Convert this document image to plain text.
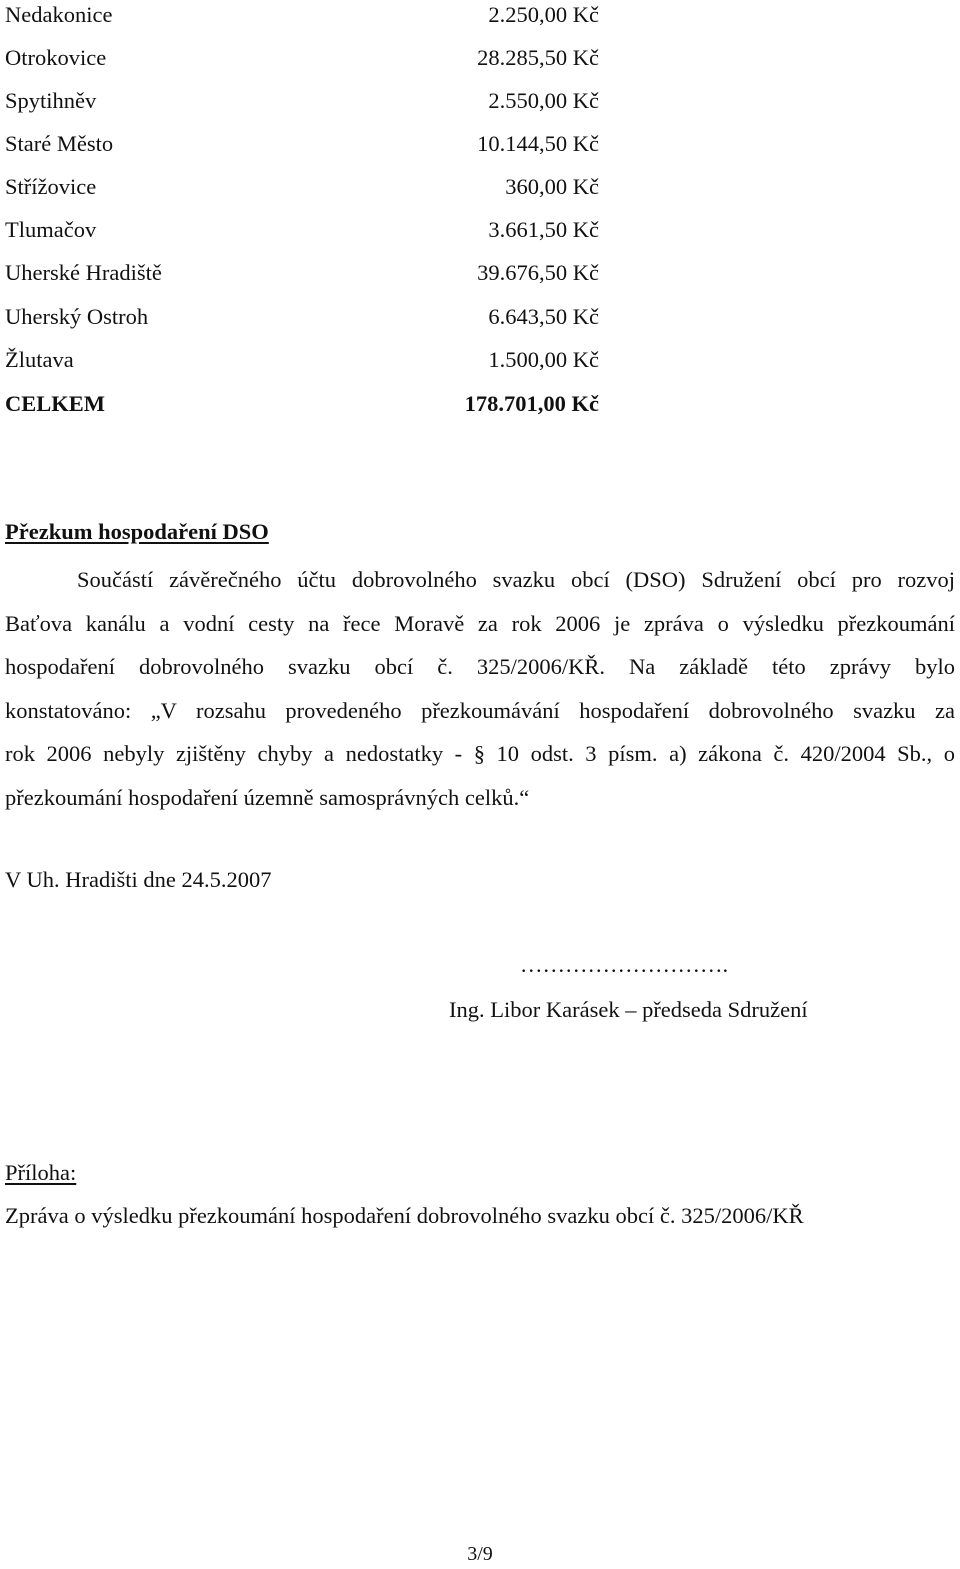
Nedakonice	2.250,00 Kč
Otrokovice	28.285,50 Kč
Spytihněv	2.550,00 Kč
Staré Město	10.144,50 Kč
Střížovice	360,00 Kč
Tlumačov	3.661,50 Kč
Uherské Hradiště	39.676,50 Kč
Uherský Ostroh	6.643,50 Kč
Žlutava	1.500,00 Kč
CELKEM	178.701,00 Kč
Přezkum hospodaření DSO
Součástí závěrečného účtu dobrovolného svazku obcí (DSO) Sdružení obcí pro rozvoj
Baťova kanálu a vodní cesty na řece Moravě za rok 2006 je zpráva o výsledku přezkoumání
hospodaření dobrovolného svazku obcí č. 325/2006/KŘ. Na základě této zprávy bylo
konstatováno: „V rozsahu provedeného přezkoumávání hospodaření dobrovolného svazku za
rok 2006 nebyly zjištěny chyby a nedostatky - § 10 odst. 3 písm. a) zákona č. 420/2004 Sb., o
přezkoumání hospodaření územně samosprávných celků.“
V Uh. Hradišti dne 24.5.2007
……………………….
Ing. Libor Karásek – předseda Sdružení
Příloha:
Zpráva o výsledku přezkoumání hospodaření dobrovolného svazku obcí č. 325/2006/KŘ
3/9
